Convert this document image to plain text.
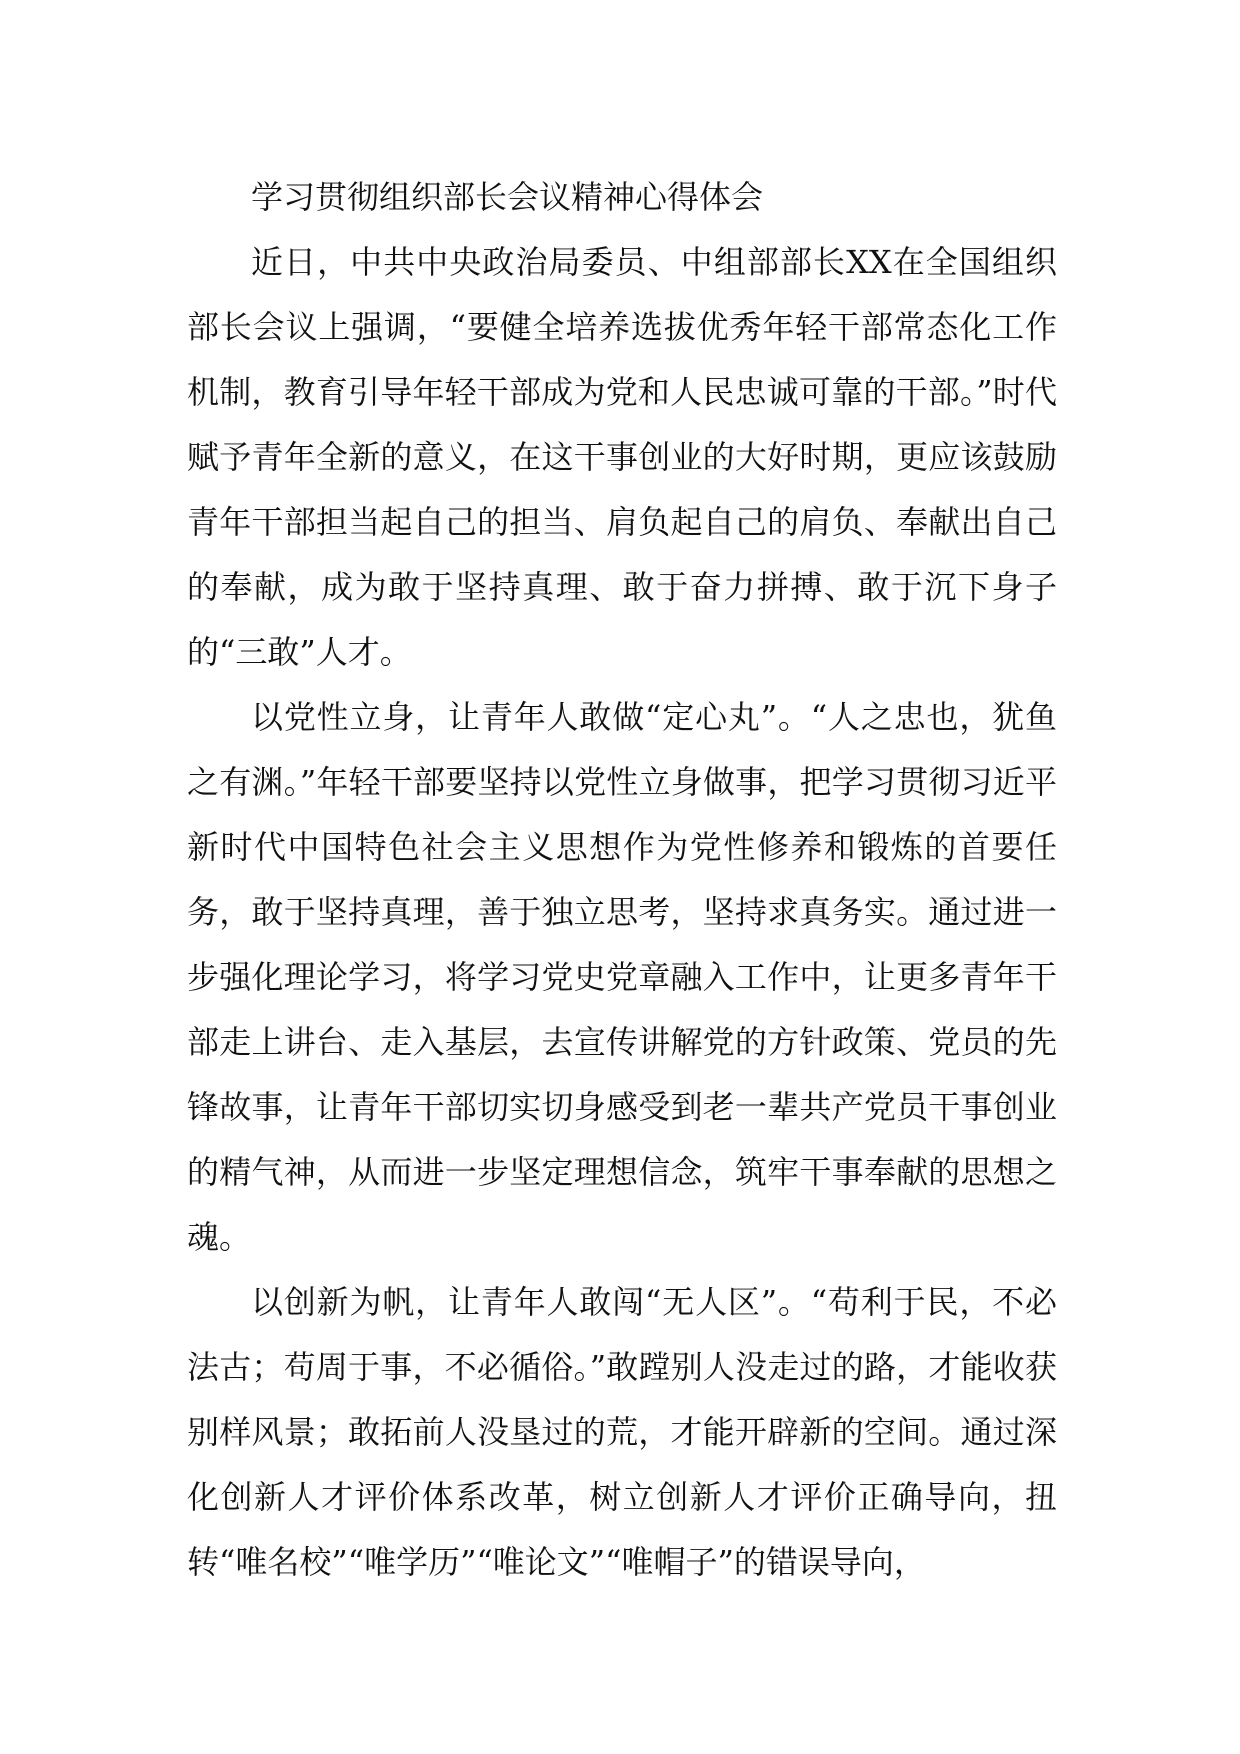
学习贯彻组织部长会议精神心得体会

近日，中共中央政治局委员、中组部部长XX在全国组织部长会议上强调，“要健全培养选拔优秀年轻干部常态化工作机制，教育引导年轻干部成为党和人民忠诚可靠的干部。”时代赋予青年全新的意义，在这干事创业的大好时期，更应该鼓励青年干部担当起自己的担当、肩负起自己的肩负、奉献出自己的奉献，成为敢于坚持真理、敢于奋力拼搏、敢于沉下身子的“三敢”人才。

以党性立身，让青年人敢做“定心丸”。“人之忠也，犹鱼之有渊。”年轻干部要坚持以党性立身做事，把学习贯彻习近平新时代中国特色社会主义思想作为党性修养和锻炼的首要任务，敢于坚持真理，善于独立思考，坚持求真务实。通过进一步强化理论学习，将学习党史党章融入工作中，让更多青年干部走上讲台、走入基层，去宣传讲解党的方针政策、党员的先锋故事，让青年干部切实切身感受到老一辈共产党员干事创业的精气神，从而进一步坚定理想信念，筑牢干事奉献的思想之魂。

以创新为帆，让青年人敢闯“无人区”。“苟利于民，不必法古；苟周于事，不必循俗。”敢蹚别人没走过的路，才能收获别样风景；敢拓前人没垦过的荒，才能开辟新的空间。通过深化创新人才评价体系改革，树立创新人才评价正确导向，扭转“唯名校”“唯学历”“唯论文”“唯帽子”的错误导向，
